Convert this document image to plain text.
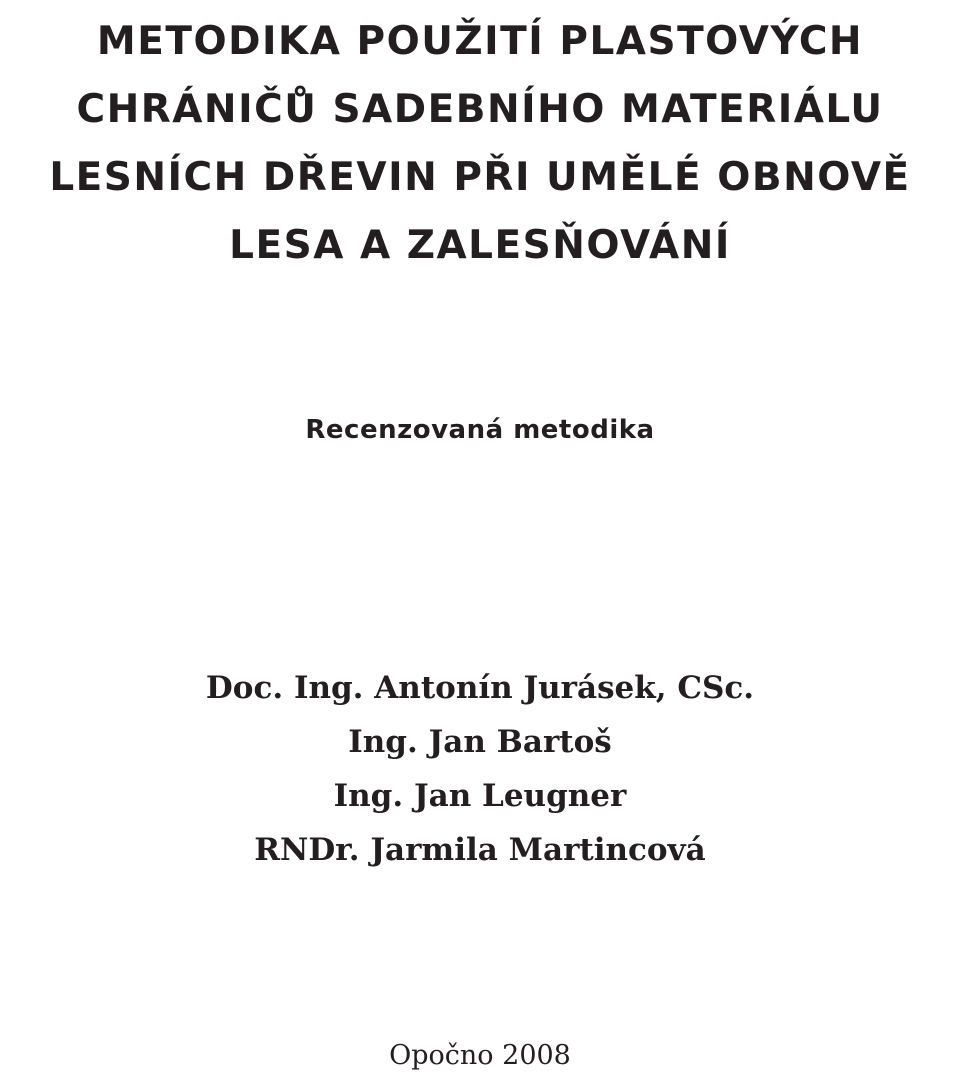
METODIKA POUŽITÍ PLASTOVÝCH
CHRÁNIČŮ SADEBNÍHO MATERIÁLU
LESNÍCH DŘEVIN PŘI UMĚLÉ OBNOVĚ
LESA A ZALESŇOVÁNÍ
Recenzovaná metodika
Doc. Ing. Antonín Jurásek, CSc.
Ing. Jan Bartoš
Ing. Jan Leugner
RNDr. Jarmila Martincová
Opočno 2008
